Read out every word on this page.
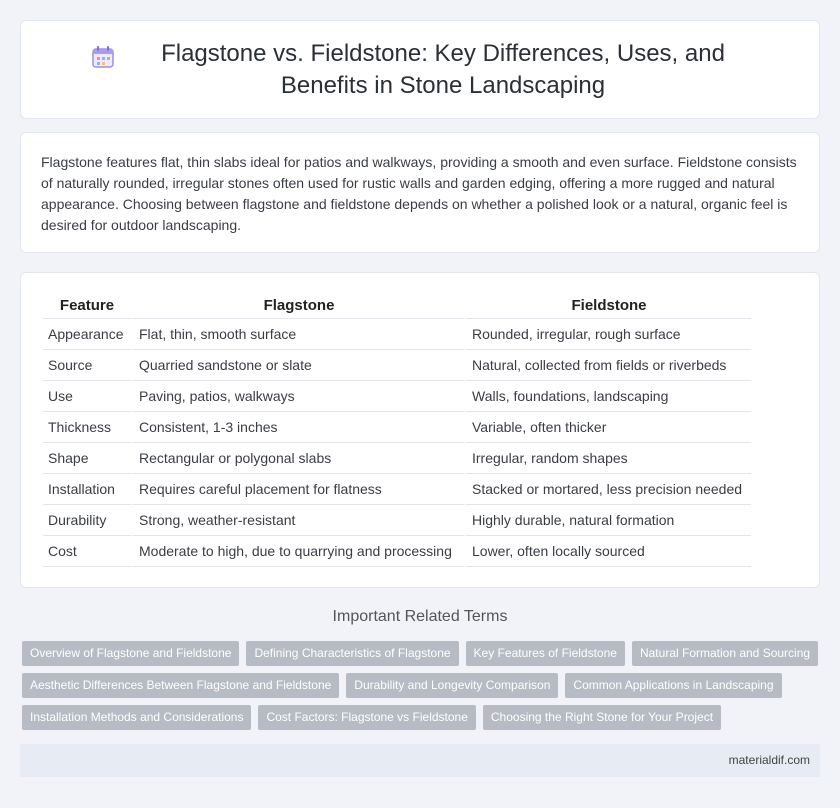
Flagstone vs. Fieldstone: Key Differences, Uses, and Benefits in Stone Landscaping

Flagstone features flat, thin slabs ideal for patios and walkways, providing a smooth and even surface. Fieldstone consists of naturally rounded, irregular stones often used for rustic walls and garden edging, offering a more rugged and natural appearance. Choosing between flagstone and fieldstone depends on whether a polished look or a natural, organic feel is desired for outdoor landscaping.

Feature	Flagstone	Fieldstone
Appearance	Flat, thin, smooth surface	Rounded, irregular, rough surface
Source	Quarried sandstone or slate	Natural, collected from fields or riverbeds
Use	Paving, patios, walkways	Walls, foundations, landscaping
Thickness	Consistent, 1-3 inches	Variable, often thicker
Shape	Rectangular or polygonal slabs	Irregular, random shapes
Installation	Requires careful placement for flatness	Stacked or mortared, less precision needed
Durability	Strong, weather-resistant	Highly durable, natural formation
Cost	Moderate to high, due to quarrying and processing	Lower, often locally sourced
Important Related Terms
Overview of Flagstone and Fieldstone	Defining Characteristics of Flagstone	Key Features of Fieldstone	Natural Formation and Sourcing
Aesthetic Differences Between Flagstone and Fieldstone	Durability and Longevity Comparison	Common Applications in Landscaping
Installation Methods and Considerations	Cost Factors: Flagstone vs Fieldstone	Choosing the Right Stone for Your Project
materialdif.com
